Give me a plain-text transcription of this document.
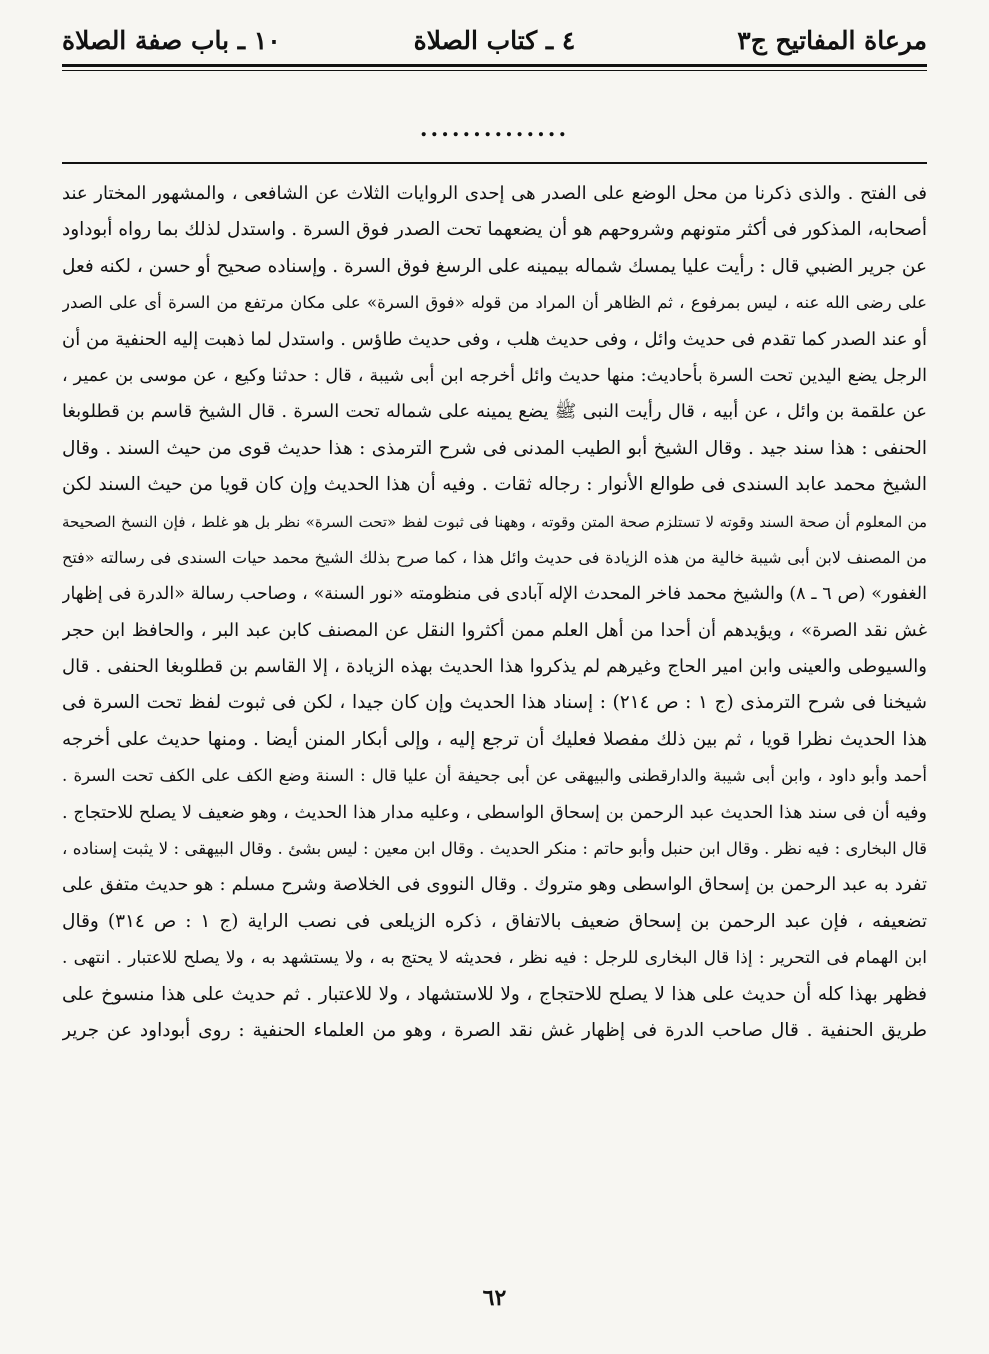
مرعاة المفاتيح ج٣
٤ ـ كتاب الصلاة
١٠ ـ باب صفة الصلاة
..............
فى الفتح . والذى ذكرنا من محل الوضع على الصدر هى إحدى الروايات الثلاث عن الشافعى ، والمشهور المختار عند
أصحابه، المذكور فى أكثر متونهم وشروحهم هو أن يضعهما تحت الصدر فوق السرة . واستدل لذلك بما رواه أبوداود
عن جرير الضبي قال : رأيت عليا يمسك شماله بيمينه على الرسغ فوق السرة . وإسناده صحيح أو حسن ، لكنه فعل
على رضى الله عنه ، ليس بمرفوع ، ثم الظاهر أن المراد من قوله «فوق السرة» على مكان مرتفع من السرة أى على الصدر
أو عند الصدر كما تقدم فى حديث وائل ، وفى حديث هلب ، وفى حديث طاؤس . واستدل لما ذهبت إليه الحنفية من أن
الرجل يضع اليدين تحت السرة بأحاديث: منها حديث وائل أخرجه ابن أبى شيبة ، قال : حدثنا وكيع ، عن موسى بن عمير ،
عن علقمة بن وائل ، عن أبيه ، قال رأيت النبى ﷺ يضع يمينه على شماله تحت السرة . قال الشيخ قاسم بن قطلوبغا
الحنفى : هذا سند جيد . وقال الشيخ أبو الطيب المدنى فى شرح الترمذى : هذا حديث قوى من حيث السند . وقال
الشيخ محمد عابد السندى فى طوالع الأنوار : رجاله ثقات . وفيه أن هذا الحديث وإن كان قويا من حيث السند لكن
من المعلوم أن صحة السند وقوته لا تستلزم صحة المتن وقوته ، وههنا فى ثبوت لفظ «تحت السرة» نظر بل هو غلط ، فإن النسخ الصحيحة
من المصنف لابن أبى شيبة خالية من هذه الزيادة فى حديث وائل هذا ، كما صرح بذلك الشيخ محمد حيات السندى فى رسالته «فتح
الغفور» (ص ٦ ـ ٨) والشيخ محمد فاخر المحدث الإله آبادى فى منظومته «نور السنة» ، وصاحب رسالة «الدرة فى إظهار
غش نقد الصرة» ، ويؤيدهم أن أحدا من أهل العلم ممن أكثروا النقل عن المصنف كابن عبد البر ، والحافظ ابن حجر
والسيوطى والعينى وابن امير الحاج وغيرهم لم يذكروا هذا الحديث بهذه الزيادة ، إلا القاسم بن قطلوبغا الحنفى . قال
شيخنا فى شرح الترمذى (ج ١ : ص ٢١٤) : إسناد هذا الحديث وإن كان جيدا ، لكن فى ثبوت لفظ تحت السرة فى
هذا الحديث نظرا قويا ، ثم بين ذلك مفصلا فعليك أن ترجع إليه ، وإلى أبكار المنن أيضا . ومنها حديث على أخرجه
أحمد وأبو داود ، وابن أبى شيبة والدارقطنى والبيهقى عن أبى جحيفة أن عليا قال : السنة وضع الكف على الكف تحت السرة .
وفيه أن فى سند هذا الحديث عبد الرحمن بن إسحاق الواسطى ، وعليه مدار هذا الحديث ، وهو ضعيف لا يصلح للاحتجاج .
قال البخارى : فيه نظر . وقال ابن حنبل وأبو حاتم : منكر الحديث . وقال ابن معين : ليس بشئ . وقال البيهقى : لا يثبت إسناده ،
تفرد به عبد الرحمن بن إسحاق الواسطى وهو متروك . وقال النووى فى الخلاصة وشرح مسلم : هو حديث متفق على
تضعيفه ، فإن عبد الرحمن بن إسحاق ضعيف بالاتفاق ، ذكره الزيلعى فى نصب الراية (ج ١ : ص ٣١٤) وقال
ابن الهمام فى التحرير : إذا قال البخارى للرجل : فيه نظر ، فحديثه لا يحتج به ، ولا يستشهد به ، ولا يصلح للاعتبار . انتهى .
فظهر بهذا كله أن حديث على هذا لا يصلح للاحتجاج ، ولا للاستشهاد ، ولا للاعتبار . ثم حديث على هذا منسوخ على
طريق الحنفية . قال صاحب الدرة فى إظهار غش نقد الصرة ، وهو من العلماء الحنفية : روى أبوداود عن جرير
٦٢
